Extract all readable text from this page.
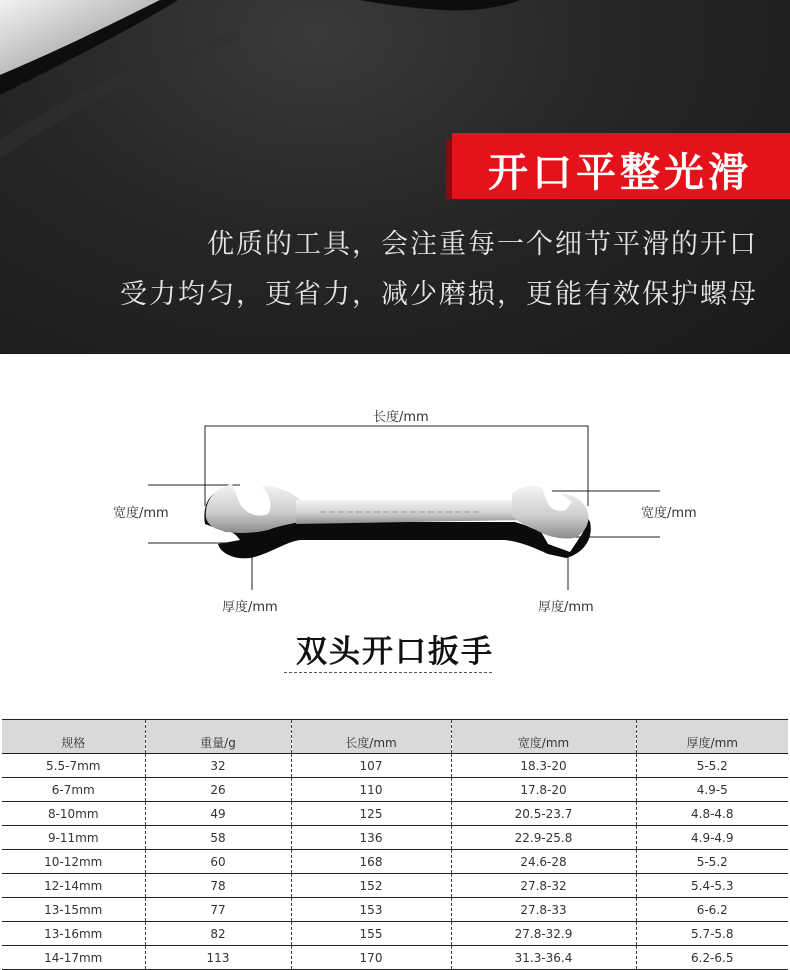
开口平整光滑
优质的工具，会注重每一个细节平滑的开口
受力均匀，更省力，减少磨损，更能有效保护螺母
长度/mm
宽度/mm	宽度/mm
厚度/mm	厚度/mm
双头开口扳手
规格	重量/g	长度/mm	宽度/mm	厚度/mm
5.5-7mm	32	107	18.3-20	5-5.2
6-7mm	26	110	17.8-20	4.9-5
8-10mm	49	125	20.5-23.7	4.8-4.8
9-11mm	58	136	22.9-25.8	4.9-4.9
10-12mm	60	168	24.6-28	5-5.2
12-14mm	78	152	27.8-32	5.4-5.3
13-15mm	77	153	27.8-33	6-6.2
13-16mm	82	155	27.8-32.9	5.7-5.8
14-17mm	113	170	31.3-36.4	6.2-6.5
